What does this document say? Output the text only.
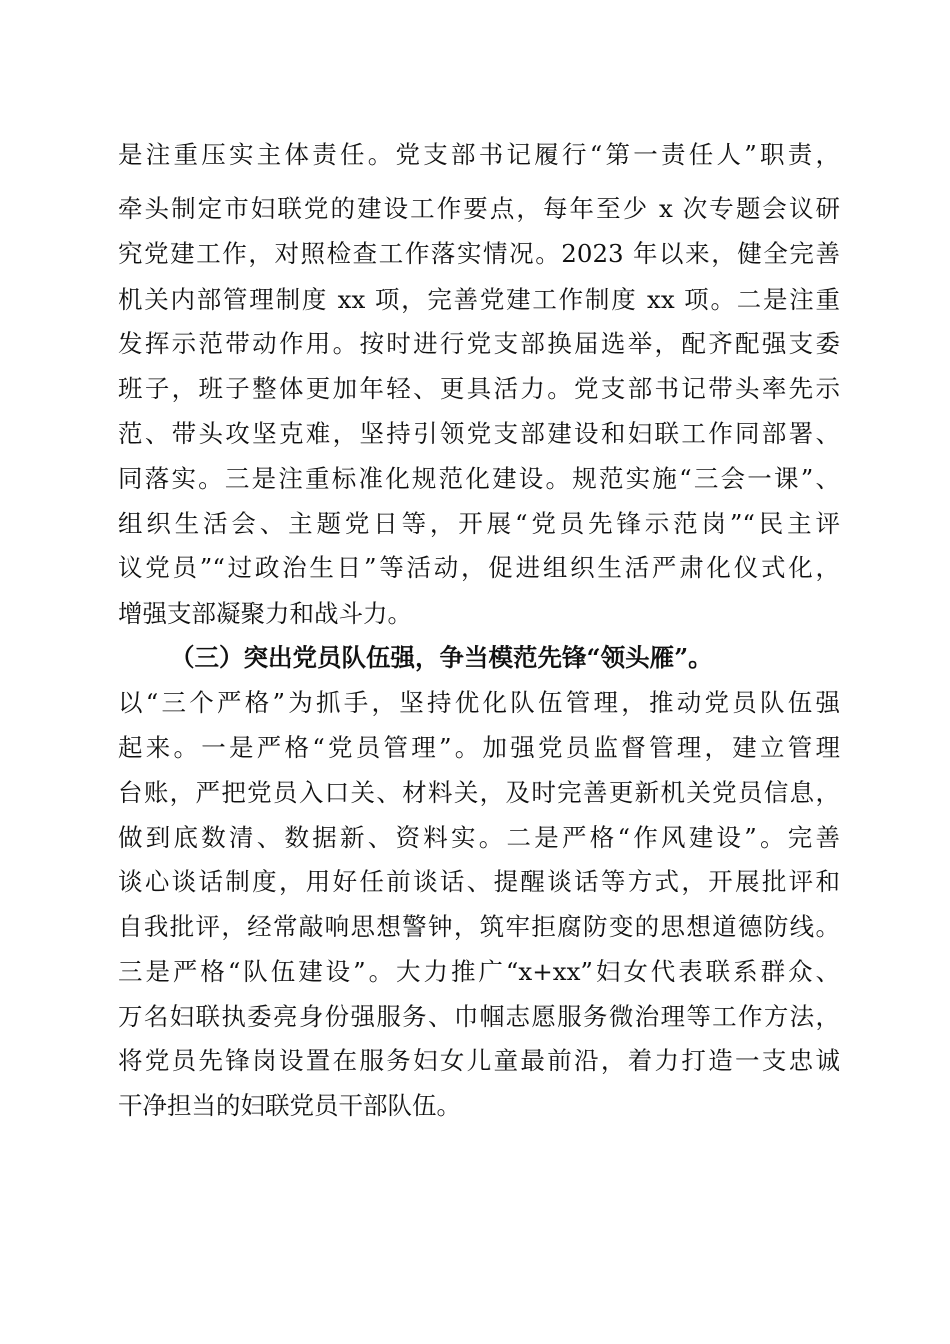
是注重压实主体责任。党支部书记履行“第一责任人”职责，
牵头制定市妇联党的建设工作要点，每年至少 x 次专题会议研
究党建工作，对照检查工作落实情况。2023 年以来，健全完善
机关内部管理制度 xx 项，完善党建工作制度 xx 项。二是注重
发挥示范带动作用。按时进行党支部换届选举，配齐配强支委
班子，班子整体更加年轻、更具活力。党支部书记带头率先示
范、带头攻坚克难，坚持引领党支部建设和妇联工作同部署、
同落实。三是注重标准化规范化建设。规范实施“三会一课”、
组织生活会、主题党日等，开展“党员先锋示范岗”“民主评
议党员”“过政治生日”等活动，促进组织生活严肃化仪式化，
增强支部凝聚力和战斗力。
（三）突出党员队伍强，争当模范先锋“领头雁”。
以“三个严格”为抓手，坚持优化队伍管理，推动党员队伍强
起来。一是严格“党员管理”。加强党员监督管理，建立管理
台账，严把党员入口关、材料关，及时完善更新机关党员信息，
做到底数清、数据新、资料实。二是严格“作风建设”。完善
谈心谈话制度，用好任前谈话、提醒谈话等方式，开展批评和
自我批评，经常敲响思想警钟，筑牢拒腐防变的思想道德防线。
三是严格“队伍建设”。大力推广“x+xx”妇女代表联系群众、
万名妇联执委亮身份强服务、巾帼志愿服务微治理等工作方法，
将党员先锋岗设置在服务妇女儿童最前沿，着力打造一支忠诚
干净担当的妇联党员干部队伍。
